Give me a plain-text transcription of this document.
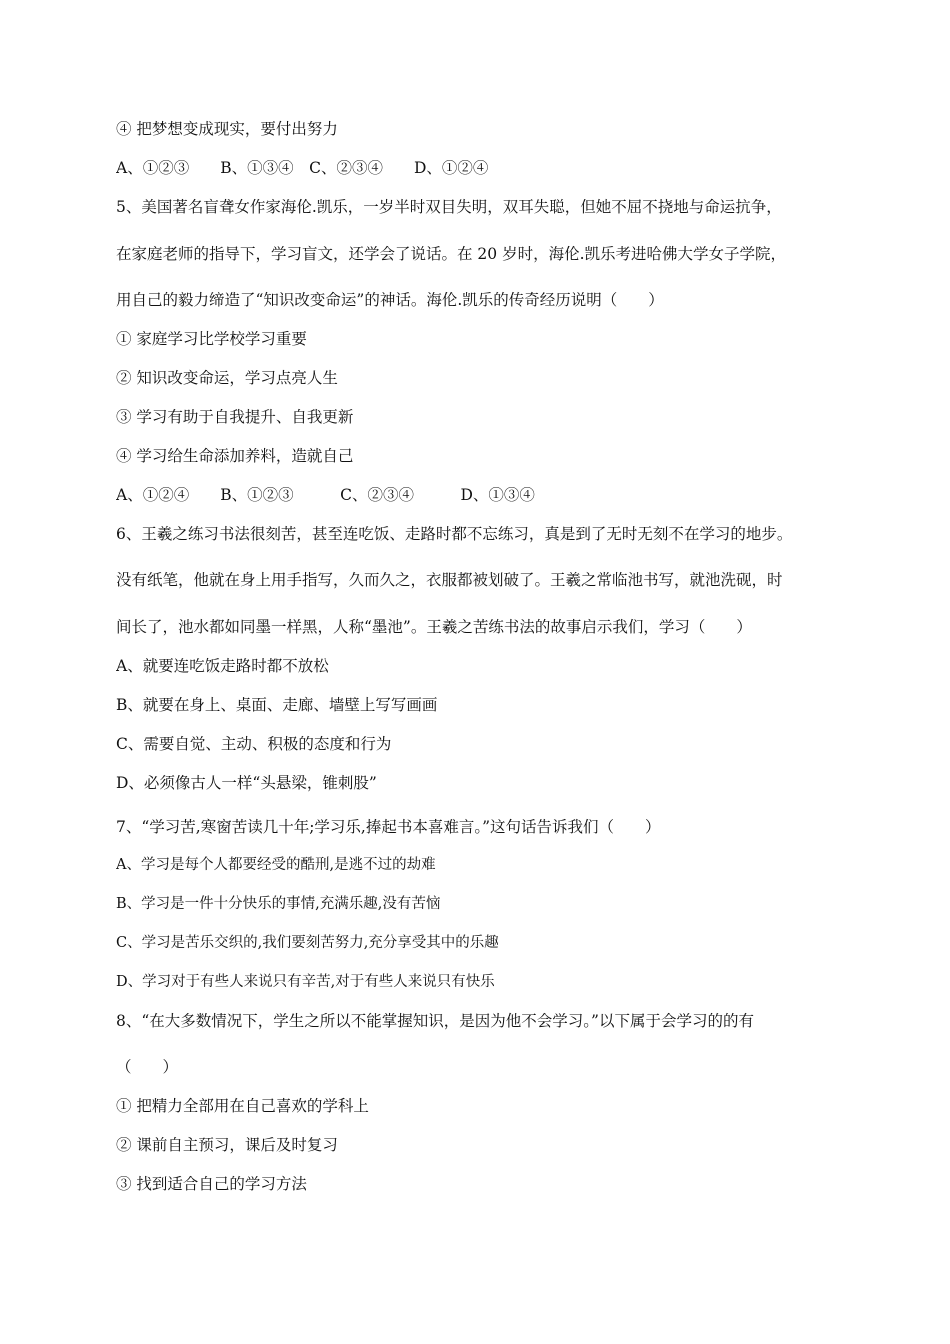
④ 把梦想变成现实，要付出努力
A、①②③　　B、①③④　C、②③④　　D、①②④
5、美国著名盲聋女作家海伦.凯乐，一岁半时双目失明，双耳失聪，但她不屈不挠地与命运抗争，
在家庭老师的指导下，学习盲文，还学会了说话。在 20 岁时，海伦.凯乐考进哈佛大学女子学院，
用自己的毅力缔造了“知识改变命运”的神话。海伦.凯乐的传奇经历说明（　　）
① 家庭学习比学校学习重要
② 知识改变命运，学习点亮人生
③ 学习有助于自我提升、自我更新
④ 学习给生命添加养料，造就自己
A、①②④　　B、①②③　　　C、②③④　　　D、①③④
6、王羲之练习书法很刻苦，甚至连吃饭、走路时都不忘练习，真是到了无时无刻不在学习的地步。
没有纸笔，他就在身上用手指写，久而久之，衣服都被划破了。王羲之常临池书写，就池洗砚，时
间长了，池水都如同墨一样黑，人称“墨池”。王羲之苦练书法的故事启示我们，学习（　　）
A、就要连吃饭走路时都不放松
B、就要在身上、桌面、走廊、墙壁上写写画画
C、需要自觉、主动、积极的态度和行为
D、必须像古人一样“头悬梁，锥刺股”
7、“学习苦,寒窗苦读几十年;学习乐,捧起书本喜难言。”这句话告诉我们（　　）
A、学习是每个人都要经受的酷刑,是逃不过的劫难
B、学习是一件十分快乐的事情,充满乐趣,没有苦恼
C、学习是苦乐交织的,我们要刻苦努力,充分享受其中的乐趣
D、学习对于有些人来说只有辛苦,对于有些人来说只有快乐
8、“在大多数情况下，学生之所以不能掌握知识，是因为他不会学习。”以下属于会学习的的有
（　　）
① 把精力全部用在自己喜欢的学科上
② 课前自主预习，课后及时复习
③ 找到适合自己的学习方法
